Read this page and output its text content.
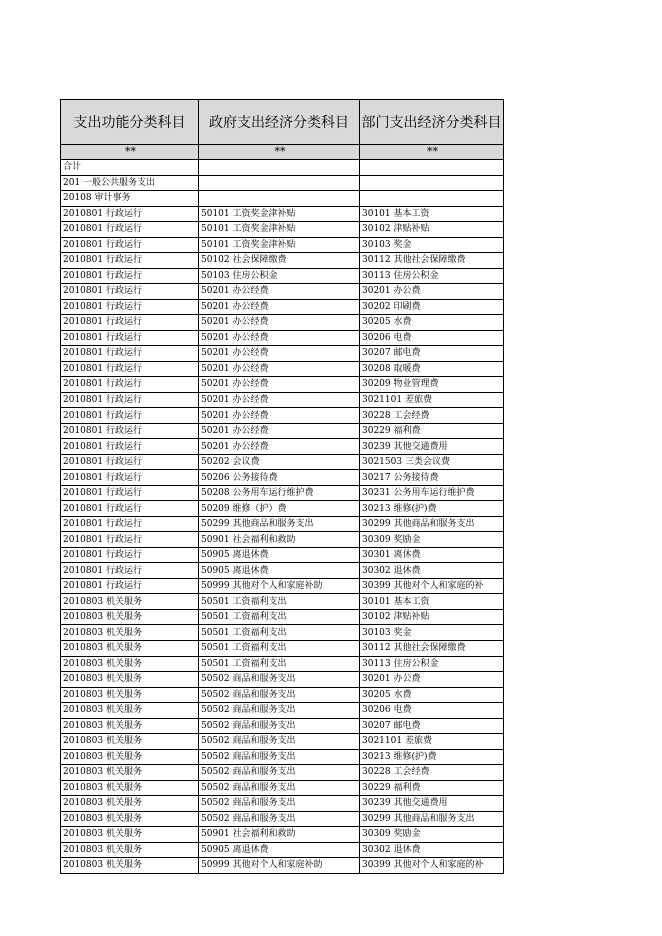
支出功能分类科目	政府支出经济分类科目	部门支出经济分类科目
**	**	**
合计		
201 一般公共服务支出		
20108 审计事务		
2010801 行政运行	50101 工资奖金津补贴	30101 基本工资
2010801 行政运行	50101 工资奖金津补贴	30102 津贴补贴
2010801 行政运行	50101 工资奖金津补贴	30103 奖金
2010801 行政运行	50102 社会保障缴费	30112 其他社会保障缴费
2010801 行政运行	50103 住房公积金	30113 住房公积金
2010801 行政运行	50201 办公经费	30201 办公费
2010801 行政运行	50201 办公经费	30202 印刷费
2010801 行政运行	50201 办公经费	30205 水费
2010801 行政运行	50201 办公经费	30206 电费
2010801 行政运行	50201 办公经费	30207 邮电费
2010801 行政运行	50201 办公经费	30208 取暖费
2010801 行政运行	50201 办公经费	30209 物业管理费
2010801 行政运行	50201 办公经费	3021101 差旅费
2010801 行政运行	50201 办公经费	30228 工会经费
2010801 行政运行	50201 办公经费	30229 福利费
2010801 行政运行	50201 办公经费	30239 其他交通费用
2010801 行政运行	50202 会议费	3021503 三类会议费
2010801 行政运行	50206 公务接待费	30217 公务接待费
2010801 行政运行	50208 公务用车运行维护费	30231 公务用车运行维护费
2010801 行政运行	50209 维修（护）费	30213 维修(护)费
2010801 行政运行	50299 其他商品和服务支出	30299 其他商品和服务支出
2010801 行政运行	50901 社会福利和救助	30309 奖励金
2010801 行政运行	50905 离退休费	30301 离休费
2010801 行政运行	50905 离退休费	30302 退休费
2010801 行政运行	50999 其他对个人和家庭补助	30399 其他对个人和家庭的补
2010803 机关服务	50501 工资福利支出	30101 基本工资
2010803 机关服务	50501 工资福利支出	30102 津贴补贴
2010803 机关服务	50501 工资福利支出	30103 奖金
2010803 机关服务	50501 工资福利支出	30112 其他社会保障缴费
2010803 机关服务	50501 工资福利支出	30113 住房公积金
2010803 机关服务	50502 商品和服务支出	30201 办公费
2010803 机关服务	50502 商品和服务支出	30205 水费
2010803 机关服务	50502 商品和服务支出	30206 电费
2010803 机关服务	50502 商品和服务支出	30207 邮电费
2010803 机关服务	50502 商品和服务支出	3021101 差旅费
2010803 机关服务	50502 商品和服务支出	30213 维修(护)费
2010803 机关服务	50502 商品和服务支出	30228 工会经费
2010803 机关服务	50502 商品和服务支出	30229 福利费
2010803 机关服务	50502 商品和服务支出	30239 其他交通费用
2010803 机关服务	50502 商品和服务支出	30299 其他商品和服务支出
2010803 机关服务	50901 社会福利和救助	30309 奖励金
2010803 机关服务	50905 离退休费	30302 退休费
2010803 机关服务	50999 其他对个人和家庭补助	30399 其他对个人和家庭的补
